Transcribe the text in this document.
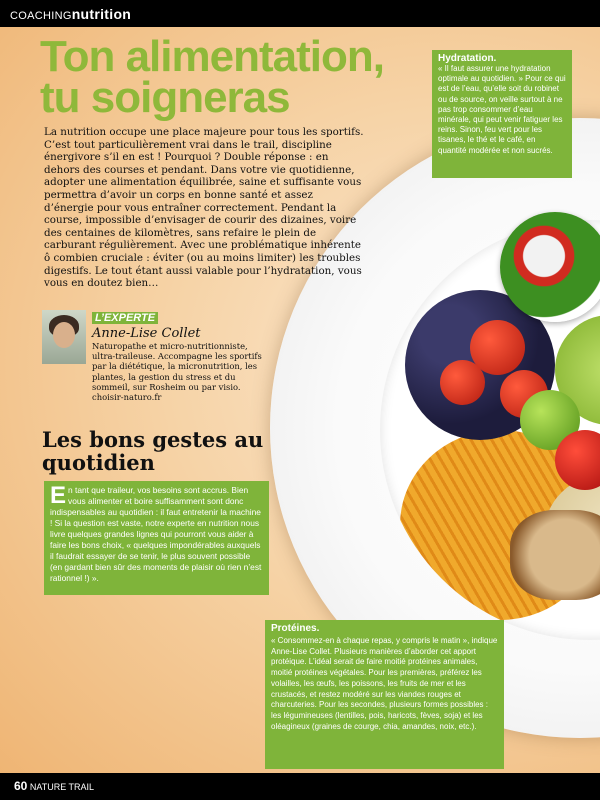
COACHINGnutrition
Ton alimentation,
tu soigneras

La nutrition occupe une place majeure pour tous les sportifs. C’est tout particulièrement vrai dans le trail, discipline énergivore s’il en est ! Pourquoi ? Double réponse : en dehors des courses et pendant. Dans votre vie quotidienne, adopter une alimentation équilibrée, saine et suffisante vous permettra d’avoir un corps en bonne santé et assez d’énergie pour vous entraîner correctement. Pendant la course, impossible d’envisager de courir des dizaines, voire des centaines de kilomètres, sans refaire le plein de carburant régulièrement. Avec une problématique inhérente ô combien cruciale : éviter (ou au moins limiter) les troubles digestifs. Le tout étant aussi valable pour l’hydratation, vous vous en doutez bien…

Hydratation.

« Il faut assurer une hydratation optimale au quotidien. » Pour ce qui est de l’eau, qu’elle soit du robinet ou de source, on veille surtout à ne pas trop consommer d’eau minérale, qui peut venir fatiguer les reins. Sinon, feu vert pour les tisanes, le thé et le café, en quantité modérée et non sucrés.

L’EXPERTE
Anne-Lise Collet

Naturopathe et micro-nutritionniste, ultra-traileuse. Accompagne les sportifs par la diététique, la micronutrition, les plantes, la gestion du stress et du sommeil, sur Rosheim ou par visio. choisir-naturo.fr

Les bons gestes au quotidien

En tant que traileur, vos besoins sont accrus. Bien vous alimenter et boire suffisamment sont donc indispensables au quotidien : il faut entretenir la machine ! Si la question est vaste, notre experte en nutrition nous livre quelques grandes lignes qui pourront vous aider à faire les bons choix, « quelques impondérables auxquels il faudrait essayer de se tenir, le plus souvent possible (en gardant bien sûr des moments de plaisir où rien n’est rationnel !) ».

Protéines.

« Consommez-en à chaque repas, y compris le matin », indique Anne-Lise Collet. Plusieurs manières d’aborder cet apport protéique. L’idéal serait de faire moitié protéines animales, moitié protéines végétales. Pour les premières, préférez les volailles, les œufs, les poissons, les fruits de mer et les crustacés, et restez modéré sur les viandes rouges et charcuteries. Pour les secondes, plusieurs formes possibles : les légumineuses (lentilles, pois, haricots, fèves, soja) et les oléagineux (graines de courge, chia, amandes, noix, etc.).

60 NATURE TRAIL
